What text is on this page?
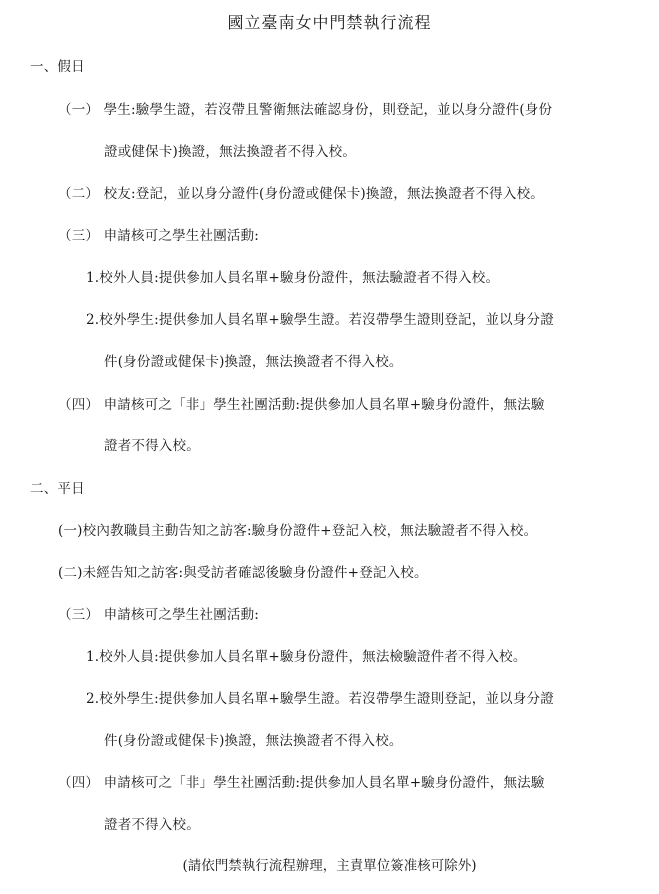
國立臺南女中門禁執行流程
一、假日
（一） 學生:驗學生證，若沒帶且警衛無法確認身份，則登記，並以身分證件(身份
證或健保卡)換證，無法換證者不得入校。
（二） 校友:登記，並以身分證件(身份證或健保卡)換證，無法換證者不得入校。
（三） 申請核可之學生社團活動:
1.校外人員:提供參加人員名單+驗身份證件，無法驗證者不得入校。
2.校外學生:提供參加人員名單+驗學生證。若沒帶學生證則登記，並以身分證
件(身份證或健保卡)換證，無法換證者不得入校。
（四） 申請核可之「非」學生社團活動:提供參加人員名單+驗身份證件，無法驗
證者不得入校。
二、平日
(一)校內教職員主動告知之訪客:驗身份證件+登記入校，無法驗證者不得入校。
(二)未經告知之訪客:與受訪者確認後驗身份證件+登記入校。
（三） 申請核可之學生社團活動:
1.校外人員:提供參加人員名單+驗身份證件，無法檢驗證件者不得入校。
2.校外學生:提供參加人員名單+驗學生證。若沒帶學生證則登記，並以身分證
件(身份證或健保卡)換證，無法換證者不得入校。
（四） 申請核可之「非」學生社團活動:提供參加人員名單+驗身份證件，無法驗
證者不得入校。
(請依門禁執行流程辦理，主責單位簽准核可除外)
